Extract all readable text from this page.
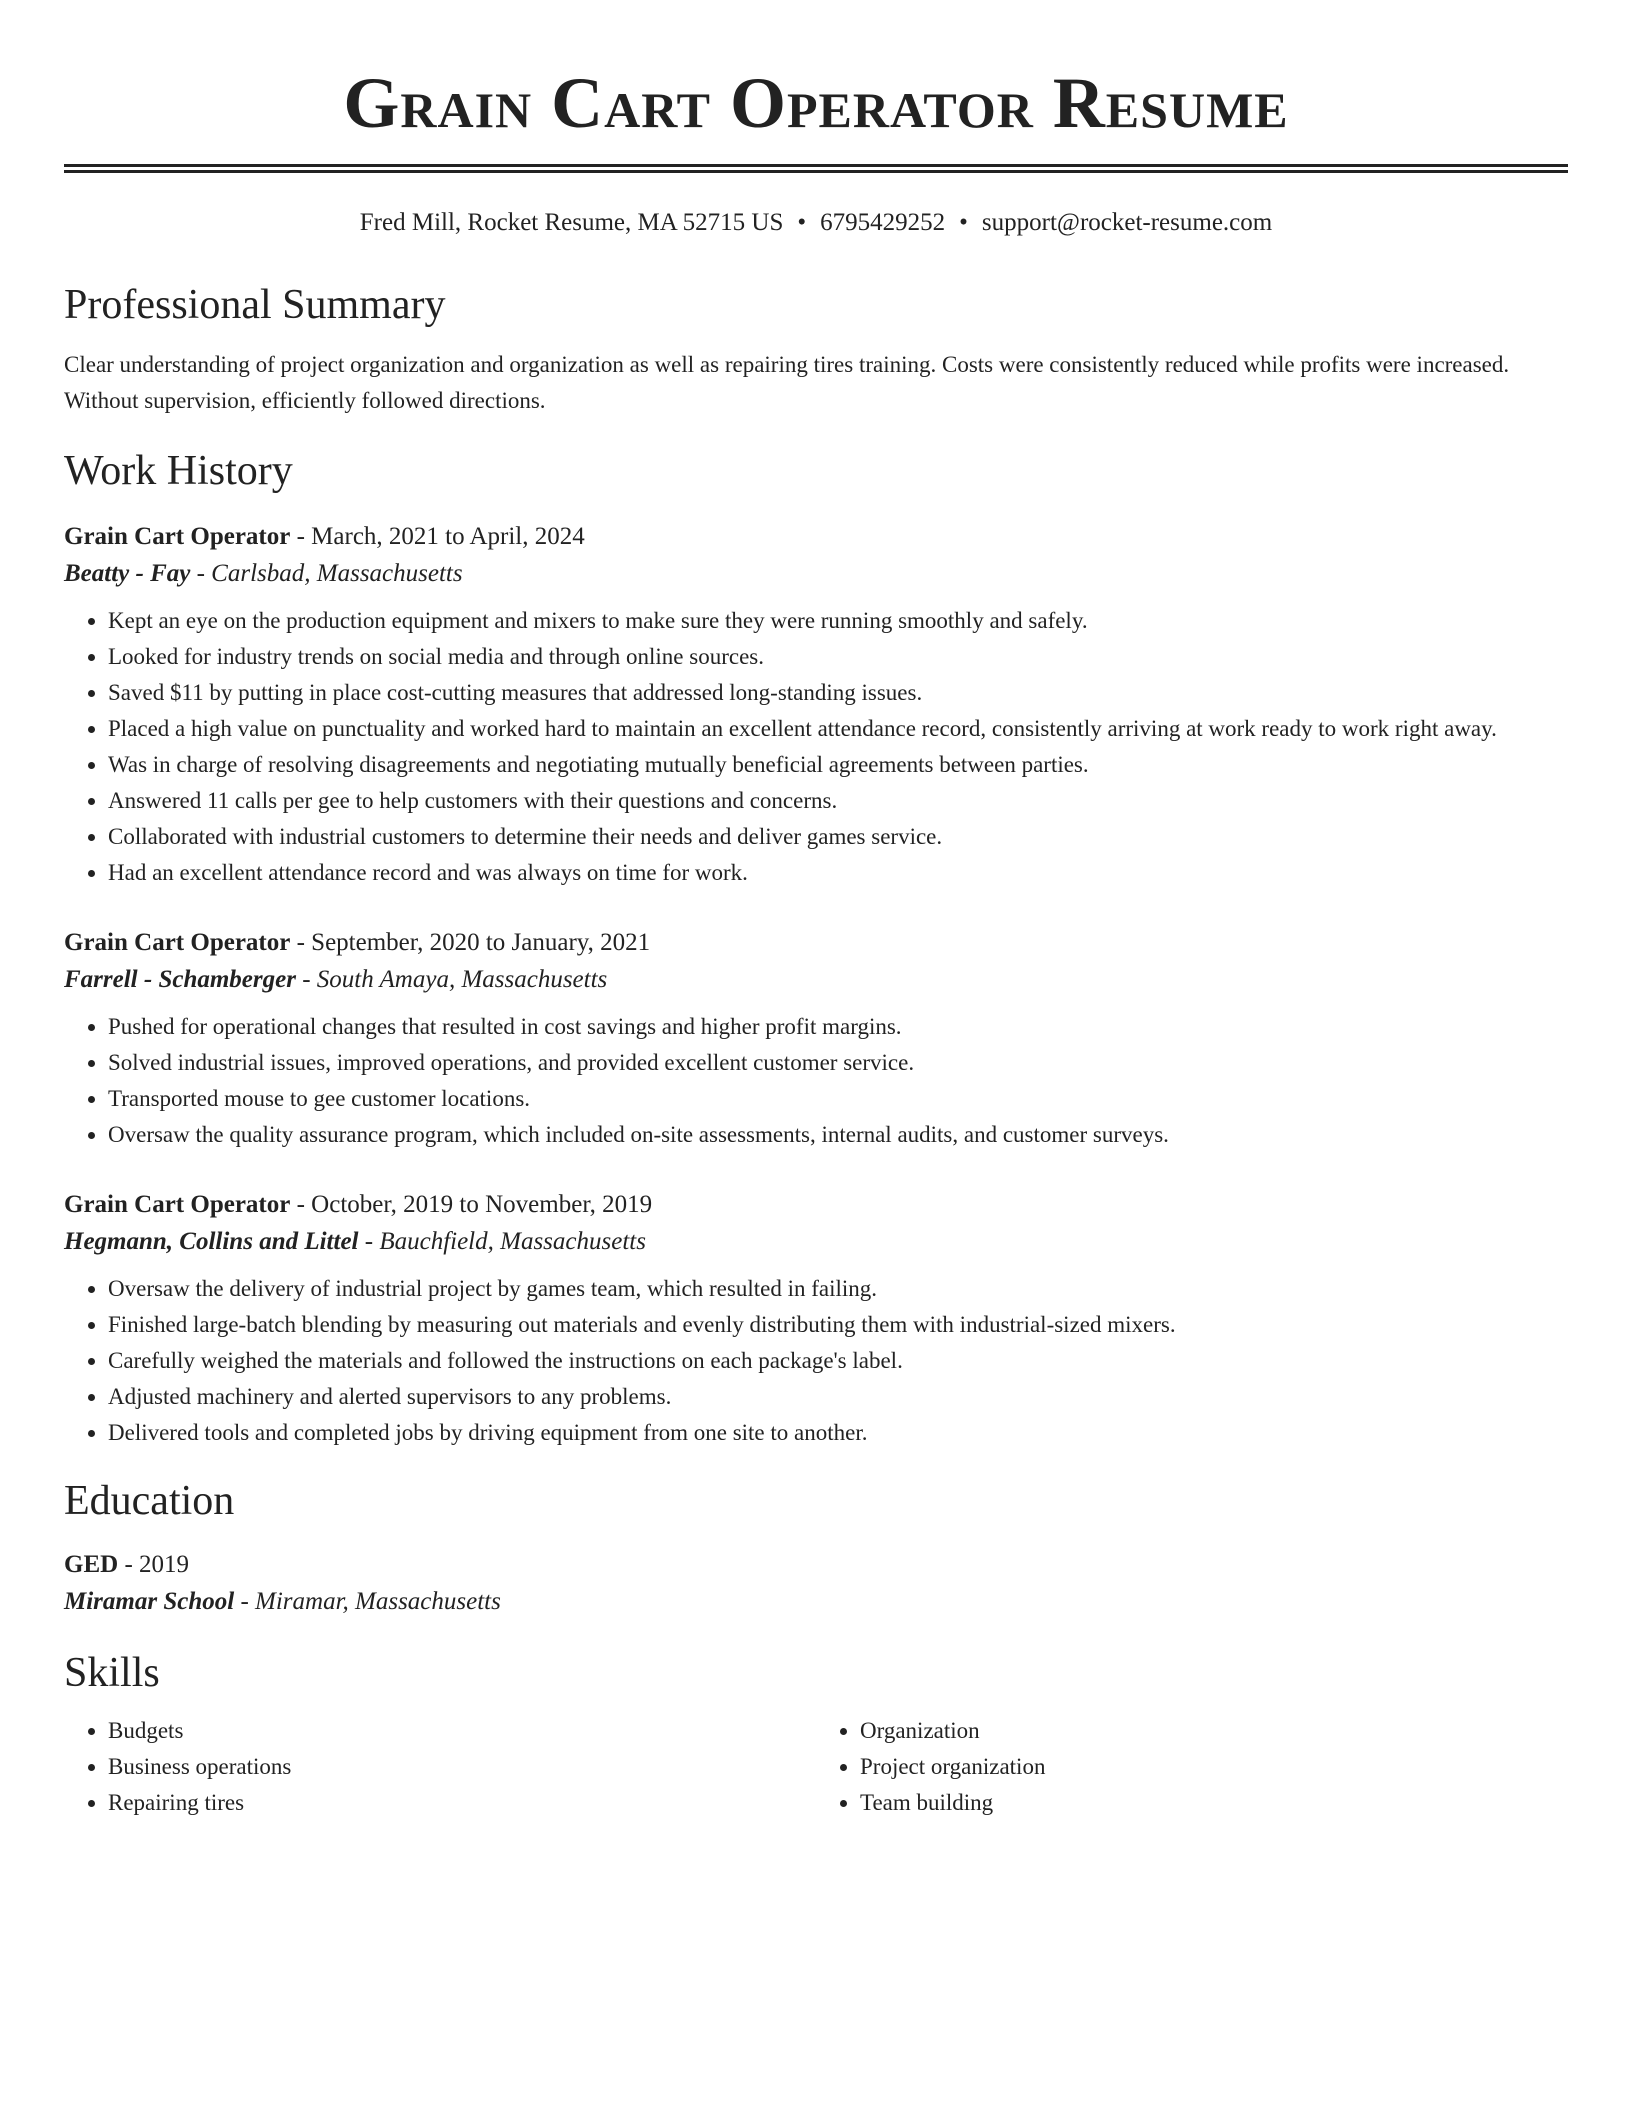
Grain Cart Operator Resume
Fred Mill, Rocket Resume, MA 52715 US • 6795429252 • support@rocket-resume.com
Professional Summary

Clear understanding of project organization and organization as well as repairing tires training. Costs were consistently reduced while profits were increased. Without supervision, efficiently followed directions.

Work History
Grain Cart Operator - March, 2021 to April, 2024
Beatty - Fay - Carlsbad, Massachusetts
• Kept an eye on the production equipment and mixers to make sure they were running smoothly and safely.
• Looked for industry trends on social media and through online sources.
• Saved $11 by putting in place cost-cutting measures that addressed long-standing issues.
• Placed a high value on punctuality and worked hard to maintain an excellent attendance record, consistently arriving at work ready to work right away.
• Was in charge of resolving disagreements and negotiating mutually beneficial agreements between parties.
• Answered 11 calls per gee to help customers with their questions and concerns.
• Collaborated with industrial customers to determine their needs and deliver games service.
• Had an excellent attendance record and was always on time for work.
Grain Cart Operator - September, 2020 to January, 2021
Farrell - Schamberger - South Amaya, Massachusetts
• Pushed for operational changes that resulted in cost savings and higher profit margins.
• Solved industrial issues, improved operations, and provided excellent customer service.
• Transported mouse to gee customer locations.
• Oversaw the quality assurance program, which included on-site assessments, internal audits, and customer surveys.
Grain Cart Operator - October, 2019 to November, 2019
Hegmann, Collins and Littel - Bauchfield, Massachusetts
• Oversaw the delivery of industrial project by games team, which resulted in failing.
• Finished large-batch blending by measuring out materials and evenly distributing them with industrial-sized mixers.
• Carefully weighed the materials and followed the instructions on each package's label.
• Adjusted machinery and alerted supervisors to any problems.
• Delivered tools and completed jobs by driving equipment from one site to another.
Education
GED - 2019
Miramar School - Miramar, Massachusetts
Skills
• Budgets
• Business operations
• Repairing tires
• Organization
• Project organization
• Team building
